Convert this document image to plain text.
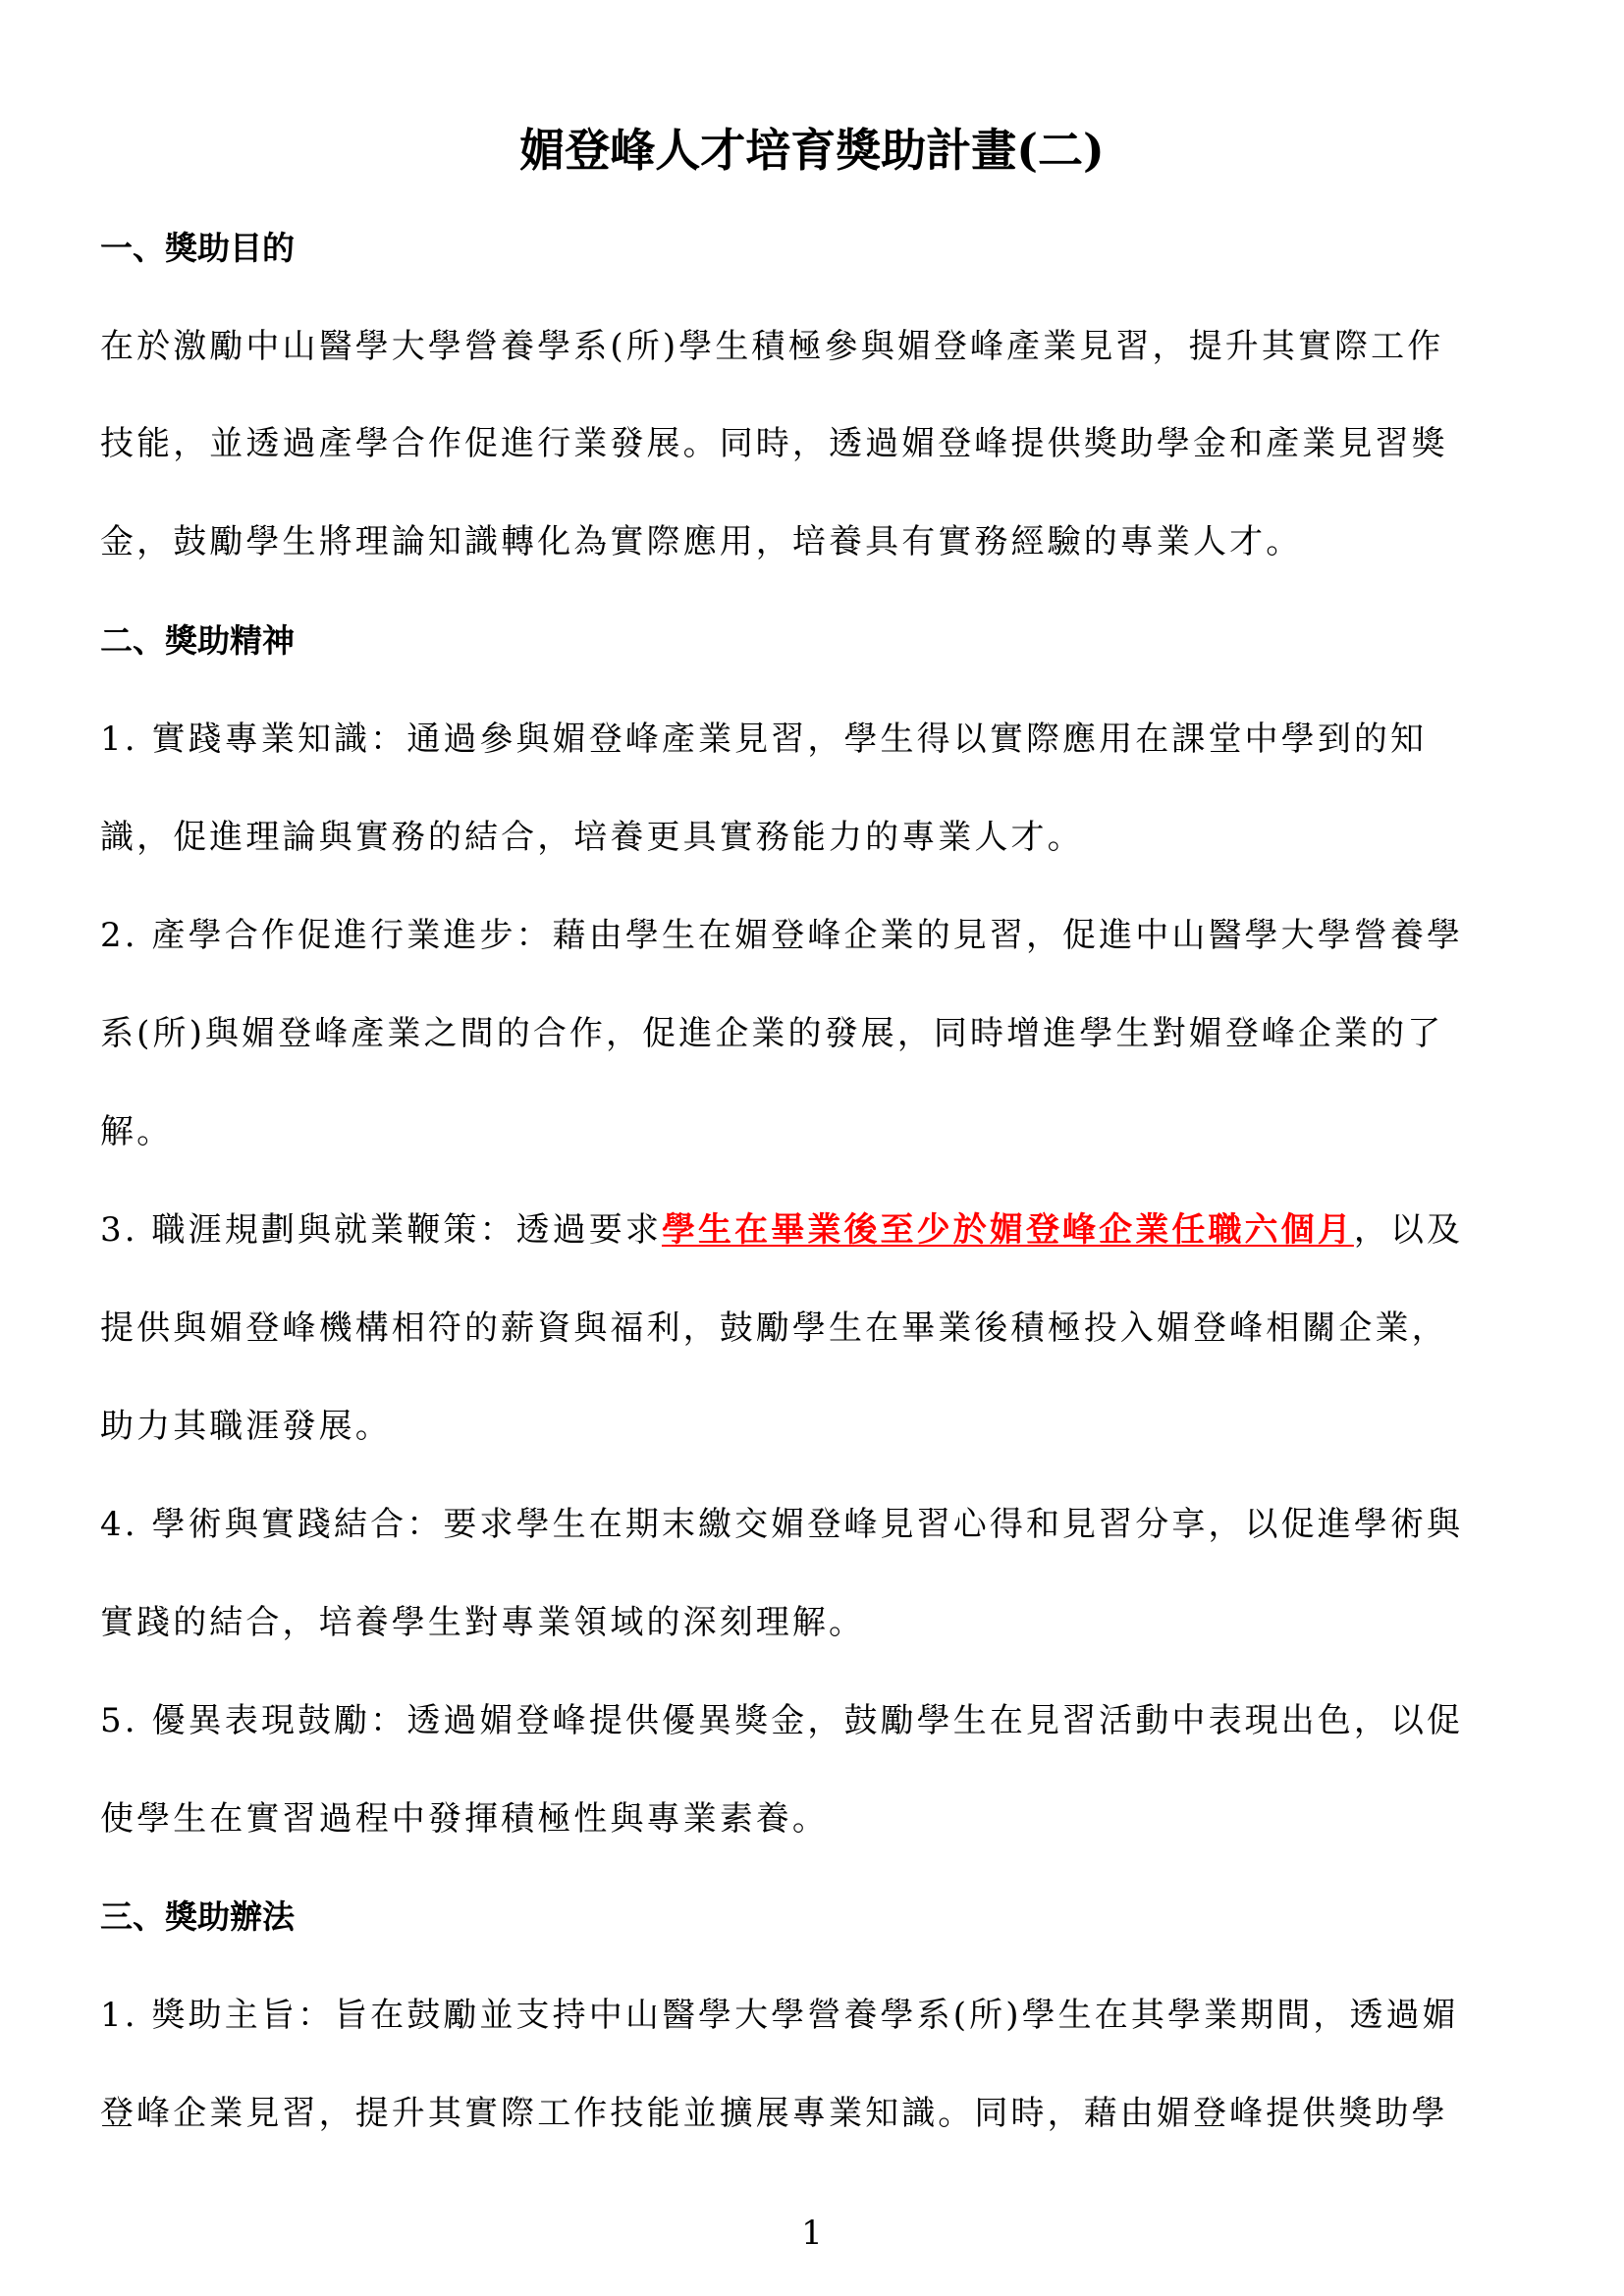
媚登峰人才培育獎助計畫(二)
一、獎助目的
在於激勵中山醫學大學營養學系(所)學生積極參與媚登峰產業見習，提升其實際工作
技能，並透過產學合作促進行業發展。同時，透過媚登峰提供獎助學金和產業見習獎
金，鼓勵學生將理論知識轉化為實際應用，培養具有實務經驗的專業人才。
二、獎助精神
1. 實踐專業知識：通過參與媚登峰產業見習，學生得以實際應用在課堂中學到的知
識，促進理論與實務的結合，培養更具實務能力的專業人才。
2. 產學合作促進行業進步：藉由學生在媚登峰企業的見習，促進中山醫學大學營養學
系(所)與媚登峰產業之間的合作，促進企業的發展，同時增進學生對媚登峰企業的了
解。
3. 職涯規劃與就業鞭策：透過要求學生在畢業後至少於媚登峰企業任職六個月，以及
提供與媚登峰機構相符的薪資與福利，鼓勵學生在畢業後積極投入媚登峰相關企業，
助力其職涯發展。
4. 學術與實踐結合：要求學生在期末繳交媚登峰見習心得和見習分享，以促進學術與
實踐的結合，培養學生對專業領域的深刻理解。
5. 優異表現鼓勵：透過媚登峰提供優異獎金，鼓勵學生在見習活動中表現出色，以促
使學生在實習過程中發揮積極性與專業素養。
三、獎助辦法
1. 獎助主旨：旨在鼓勵並支持中山醫學大學營養學系(所)學生在其學業期間，透過媚
登峰企業見習，提升其實際工作技能並擴展專業知識。同時，藉由媚登峰提供獎助學
1
